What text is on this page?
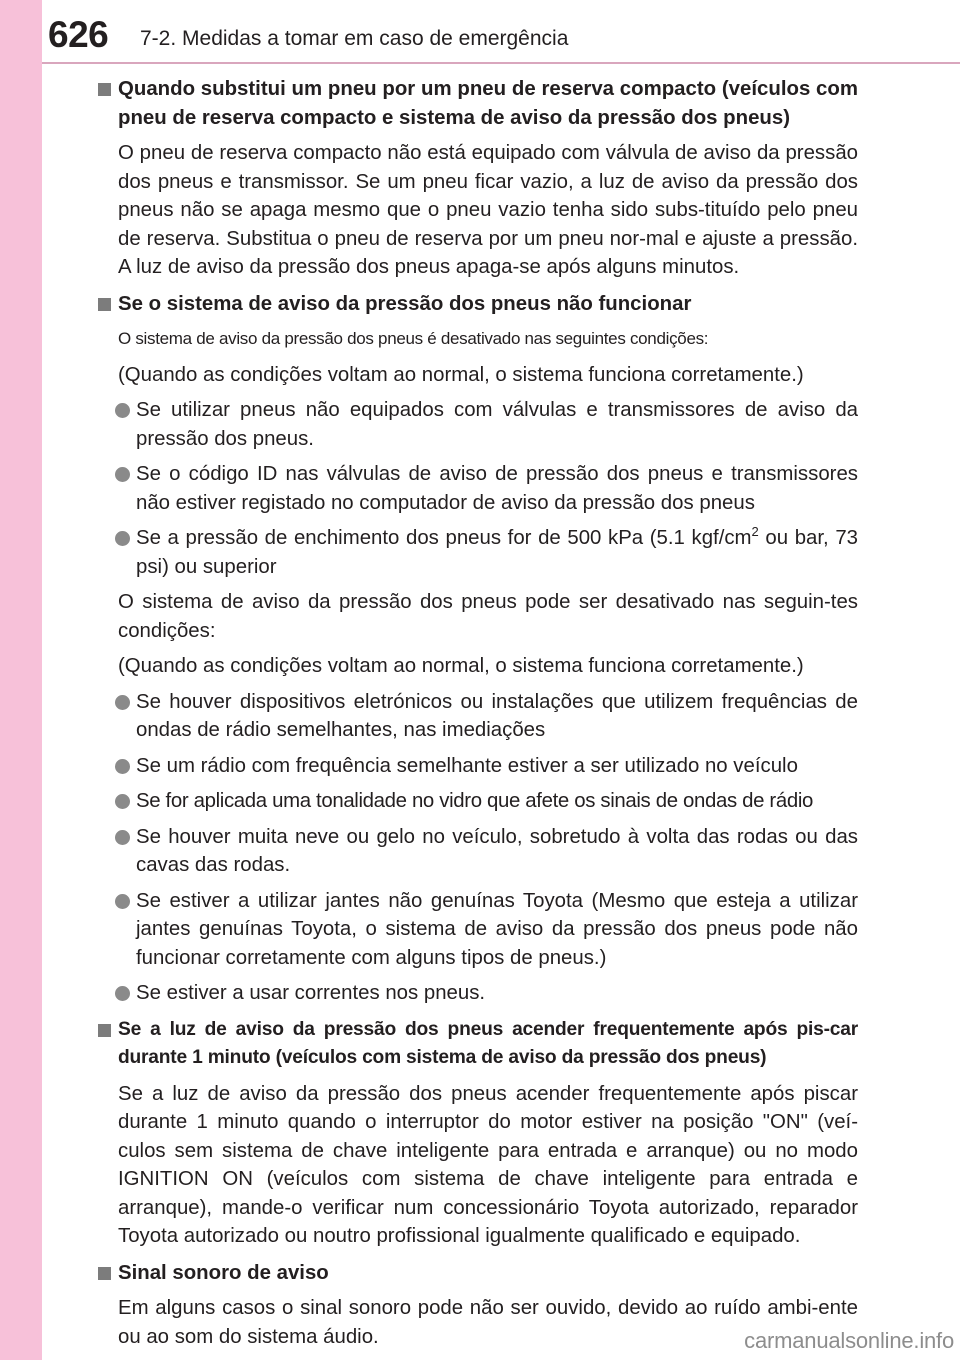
626 7-2. Medidas a tomar em caso de emergência
Quando substitui um pneu por um pneu de reserva compacto (veículos com pneu de reserva compacto e sistema de aviso da pressão dos pneus)
O pneu de reserva compacto não está equipado com válvula de aviso da pressão dos pneus e transmissor. Se um pneu ficar vazio, a luz de aviso da pressão dos pneus não se apaga mesmo que o pneu vazio tenha sido subs-tituído pelo pneu de reserva. Substitua o pneu de reserva por um pneu nor-mal e ajuste a pressão. A luz de aviso da pressão dos pneus apaga-se após alguns minutos.
Se o sistema de aviso da pressão dos pneus não funcionar
O sistema de aviso da pressão dos pneus é desativado nas seguintes condições:
(Quando as condições voltam ao normal, o sistema funciona corretamente.)
Se utilizar pneus não equipados com válvulas e transmissores de aviso da pressão dos pneus.
Se o código ID nas válvulas de aviso de pressão dos pneus e transmissores não estiver registado no computador de aviso da pressão dos pneus
Se a pressão de enchimento dos pneus for de 500 kPa (5.1 kgf/$cm^2$ ou bar, 73 psi) ou superior
O sistema de aviso da pressão dos pneus pode ser desativado nas seguin-tes condições:
(Quando as condições voltam ao normal, o sistema funciona corretamente.)
Se houver dispositivos eletrónicos ou instalações que utilizem frequências de ondas de rádio semelhantes, nas imediações
Se um rádio com frequência semelhante estiver a ser utilizado no veículo
Se for aplicada uma tonalidade no vidro que afete os sinais de ondas de rádio
Se houver muita neve ou gelo no veículo, sobretudo à volta das rodas ou das cavas das rodas.
Se estiver a utilizar jantes não genuínas Toyota (Mesmo que esteja a utilizar jantes genuínas Toyota, o sistema de aviso da pressão dos pneus pode não funcionar corretamente com alguns tipos de pneus.)
Se estiver a usar correntes nos pneus.
Se a luz de aviso da pressão dos pneus acender frequentemente após pis-car durante 1 minuto (veículos com sistema de aviso da pressão dos pneus)
Se a luz de aviso da pressão dos pneus acender frequentemente após piscar durante 1 minuto quando o interruptor do motor estiver na posição "ON" (veí-culos sem sistema de chave inteligente para entrada e arranque) ou no modo IGNITION ON (veículos com sistema de chave inteligente para entrada e arranque), mande-o verificar num concessionário Toyota autorizado, reparador Toyota autorizado ou noutro profissional igualmente qualificado e equipado.
Sinal sonoro de aviso
Em alguns casos o sinal sonoro pode não ser ouvido, devido ao ruído ambi-ente ou ao som do sistema áudio.	carmanualsonline.info
